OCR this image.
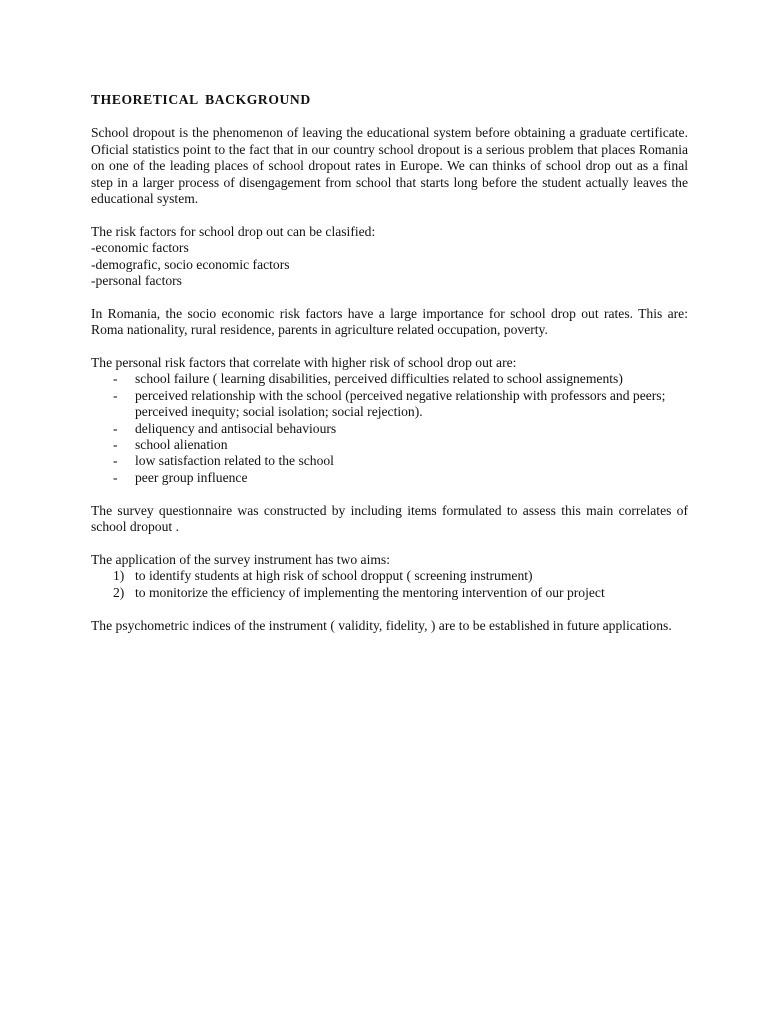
THEORETICAL BACKGROUND

School dropout is the phenomenon of leaving the educational system before obtaining a graduate certificate. Oficial statistics point to the fact that in our country school dropout is a serious problem that places Romania on one of the leading places of school dropout rates in Europe. We can thinks of school drop out as a final step in a larger process of disengagement from school that starts long before the student actually leaves the educational system.

The risk factors for school drop out can be clasified:
-economic factors
-demografic, socio economic factors
-personal factors

In Romania, the socio economic risk factors have a large importance for school drop out rates. This are: Roma nationality, rural residence, parents in agriculture related occupation, poverty.

The personal risk factors that correlate with higher risk of school drop out are:
- school failure ( learning disabilities, perceived difficulties related to school assignements)
- perceived relationship with the school (perceived negative relationship with professors and peers; perceived inequity; social isolation; social rejection).
- deliquency and antisocial behaviours
- school alienation
- low satisfaction related to the school
- peer group influence

The survey questionnaire was constructed by including items formulated to assess this main correlates of school dropout .

The application of the survey instrument has two aims:
1) to identify students at high risk of school dropput ( screening instrument)
2) to monitorize the efficiency of implementing the mentoring intervention of our project

The psychometric indices of the instrument ( validity, fidelity, ) are to be established in future applications.
